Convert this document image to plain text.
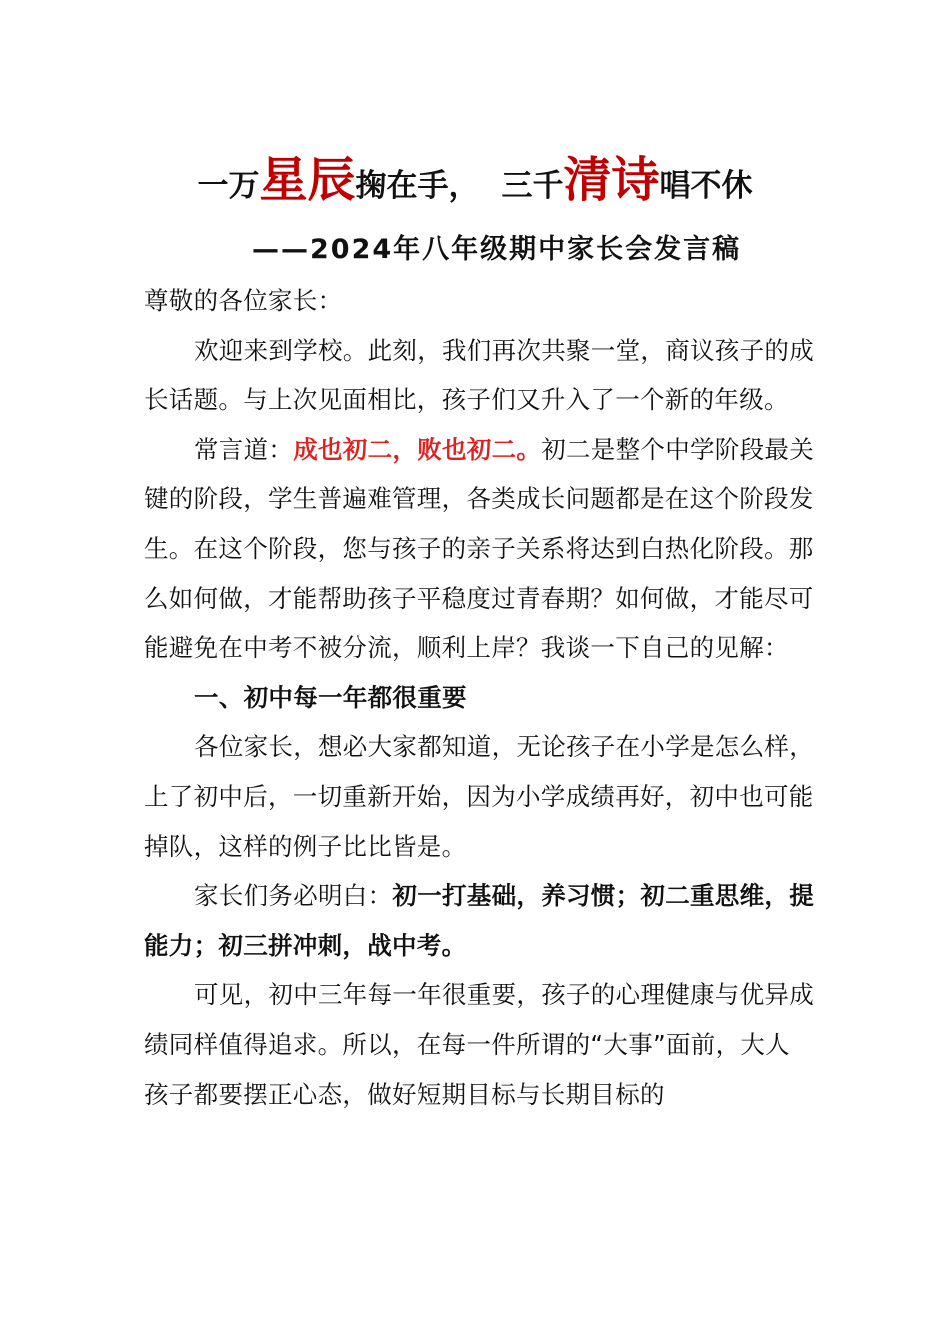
一万星辰掬在手， 三千清诗唱不休
——2024年八年级期中家长会发言稿

尊敬的各位家长：

欢迎来到学校。此刻，我们再次共聚一堂，商议孩子的成长话题。与上次见面相比，孩子们又升入了一个新的年级。

常言道：成也初二，败也初二。初二是整个中学阶段最关键的阶段，学生普遍难管理，各类成长问题都是在这个阶段发生。在这个阶段，您与孩子的亲子关系将达到白热化阶段。那么如何做，才能帮助孩子平稳度过青春期？如何做，才能尽可能避免在中考不被分流，顺利上岸？我谈一下自己的见解：

一、初中每一年都很重要

各位家长，想必大家都知道，无论孩子在小学是怎么样，上了初中后，一切重新开始，因为小学成绩再好，初中也可能掉队，这样的例子比比皆是。

家长们务必明白：初一打基础，养习惯；初二重思维，提能力；初三拼冲刺，战中考。

可见，初中三年每一年很重要，孩子的心理健康与优异成绩同样值得追求。所以，在每一件所谓的“大事”面前，大人孩子都要摆正心态，做好短期目标与长期目标的
